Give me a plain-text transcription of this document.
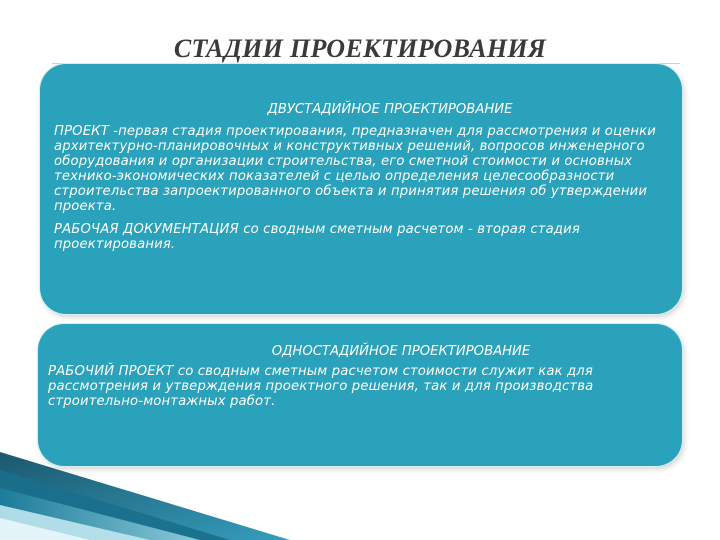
СТАДИИ ПРОЕКТИРОВАНИЯ

ДВУСТАДИЙНОЕ ПРОЕКТИРОВАНИЕ

ПРОЕКТ -первая стадия проектирования, предназначен для рассмотрения и оценки архитектурно-планировочных и конструктивных решений, вопросов инженерного оборудования и организации строительства, его сметной стоимости и основных технико-экономических показателей с целью определения целесообразности строительства запроектированного объекта и принятия решения об утверждении проекта.

РАБОЧАЯ ДОКУМЕНТАЦИЯ со сводным сметным расчетом - вторая стадия проектирования.

ОДНОСТАДИЙНОЕ ПРОЕКТИРОВАНИЕ

РАБОЧИЙ ПРОЕКТ со сводным сметным расчетом стоимости служит как для рассмотрения и утверждения проектного решения, так и для производства строительно-монтажных работ.
